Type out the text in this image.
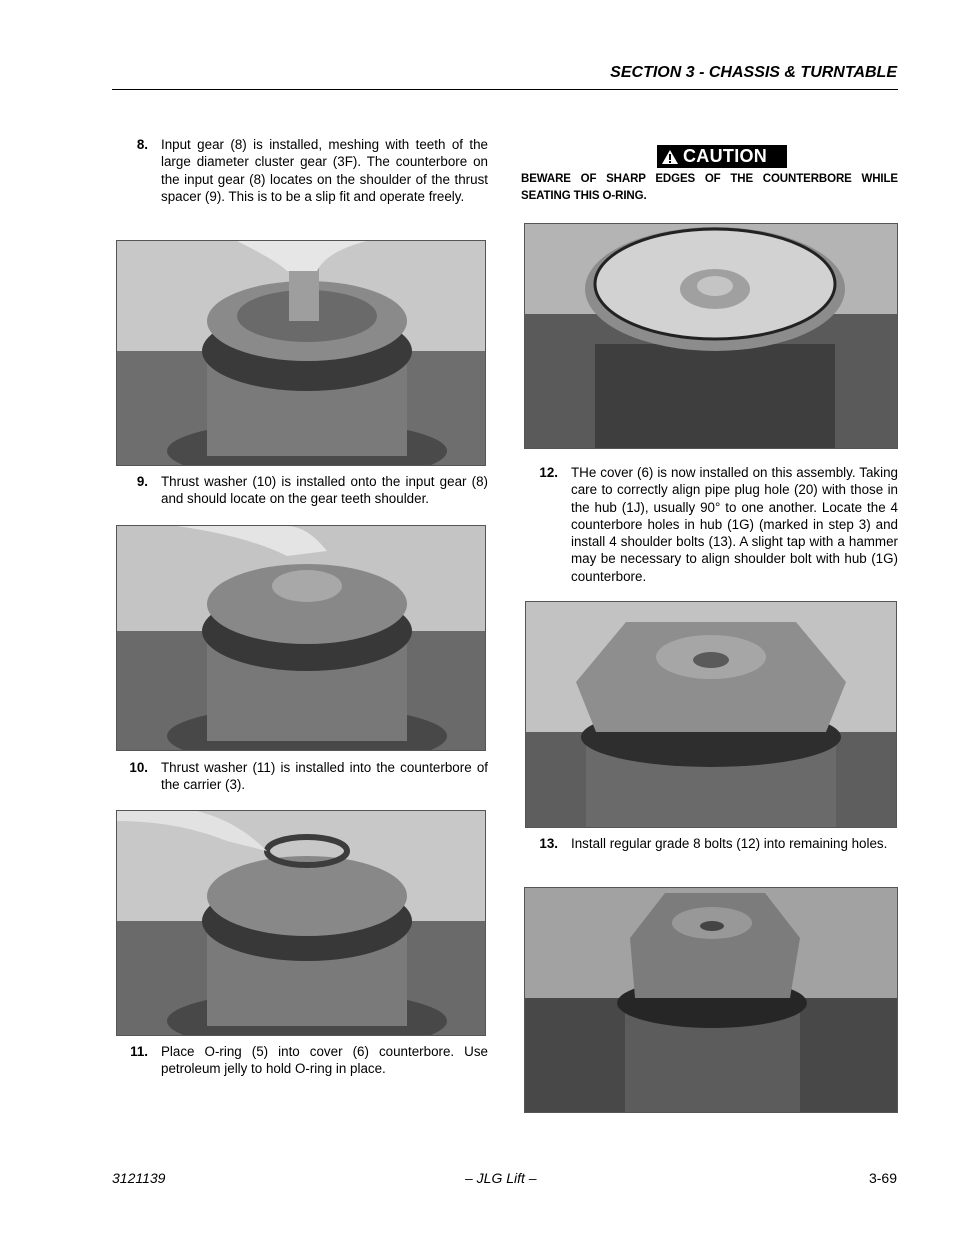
SECTION 3 - CHASSIS & TURNTABLE
8. Input gear (8) is installed, meshing with teeth of the large diameter cluster gear (3F). The counterbore on the input gear (8) locates on the shoulder of the thrust spacer (9). This is to be a slip fit and operate freely.
9. Thrust washer (10) is installed onto the input gear (8) and should locate on the gear teeth shoulder.
10. Thrust washer (11) is installed into the counterbore of the carrier (3).
11. Place O-ring (5) into cover (6) counterbore. Use petroleum jelly to hold O-ring in place.
CAUTION
BEWARE OF SHARP EDGES OF THE COUNTERBORE WHILE SEATING THIS O-RING.
12. THe cover (6) is now installed on this assembly. Taking care to correctly align pipe plug hole (20) with those in the hub (1J), usually 90° to one another. Locate the 4 counterbore holes in hub (1G) (marked in step 3) and install 4 shoulder bolts (13). A slight tap with a hammer may be necessary to align shoulder bolt with hub (1G) counterbore.
13. Install regular grade 8 bolts (12) into remaining holes.
3121139	– JLG Lift –	3-69
